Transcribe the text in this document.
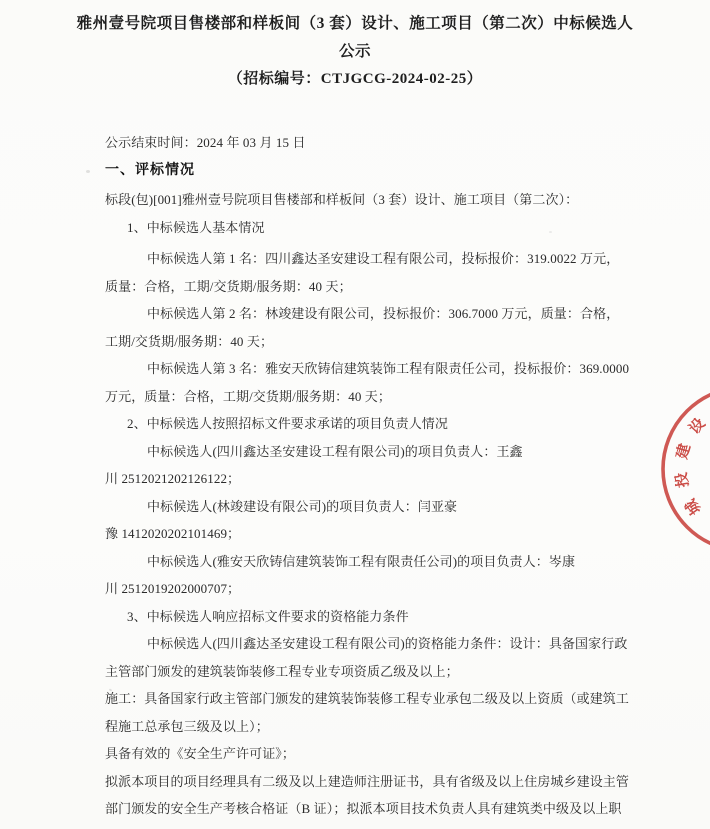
雅州壹号院项目售楼部和样板间（3 套）设计、施工项目（第二次）中标候选人
公示
（招标编号：CTJGCG-2024-02-25）
公示结束时间：2024 年 03 月 15 日
一、评标情况
标段(包)[001]雅州壹号院项目售楼部和样板间（3 套）设计、施工项目（第二次）：
1、中标候选人基本情况
中标候选人第 1 名：四川鑫达圣安建设工程有限公司，投标报价：319.0022 万元，
质量：合格，工期/交货期/服务期：40 天；
中标候选人第 2 名：林竣建设有限公司，投标报价：306.7000 万元，质量：合格，
工期/交货期/服务期：40 天；
中标候选人第 3 名：雅安天欣铸信建筑装饰工程有限责任公司，投标报价：369.0000
万元，质量：合格，工期/交货期/服务期：40 天；
2、中标候选人按照招标文件要求承诺的项目负责人情况
中标候选人(四川鑫达圣安建设工程有限公司)的项目负责人：王鑫
川 2512021202126122；
中标候选人(林竣建设有限公司)的项目负责人：闫亚豪
豫 1412020202101469；
中标候选人(雅安天欣铸信建筑装饰工程有限责任公司)的项目负责人：岑康
川 2512019202000707；
3、中标候选人响应招标文件要求的资格能力条件
中标候选人(四川鑫达圣安建设工程有限公司)的资格能力条件：设计：具备国家行政
主管部门颁发的建筑装饰装修工程专业专项资质乙级及以上；
施工：具备国家行政主管部门颁发的建筑装饰装修工程专业承包二级及以上资质（或建筑工
程施工总承包三级及以上）；
具备有效的《安全生产许可证》；
拟派本项目的项目经理具有二级及以上建造师注册证书，具有省级及以上住房城乡建设主管
部门颁发的安全生产考核合格证（B 证）；拟派本项目技术负责人具有建筑类中级及以上职
设
建
投
城
